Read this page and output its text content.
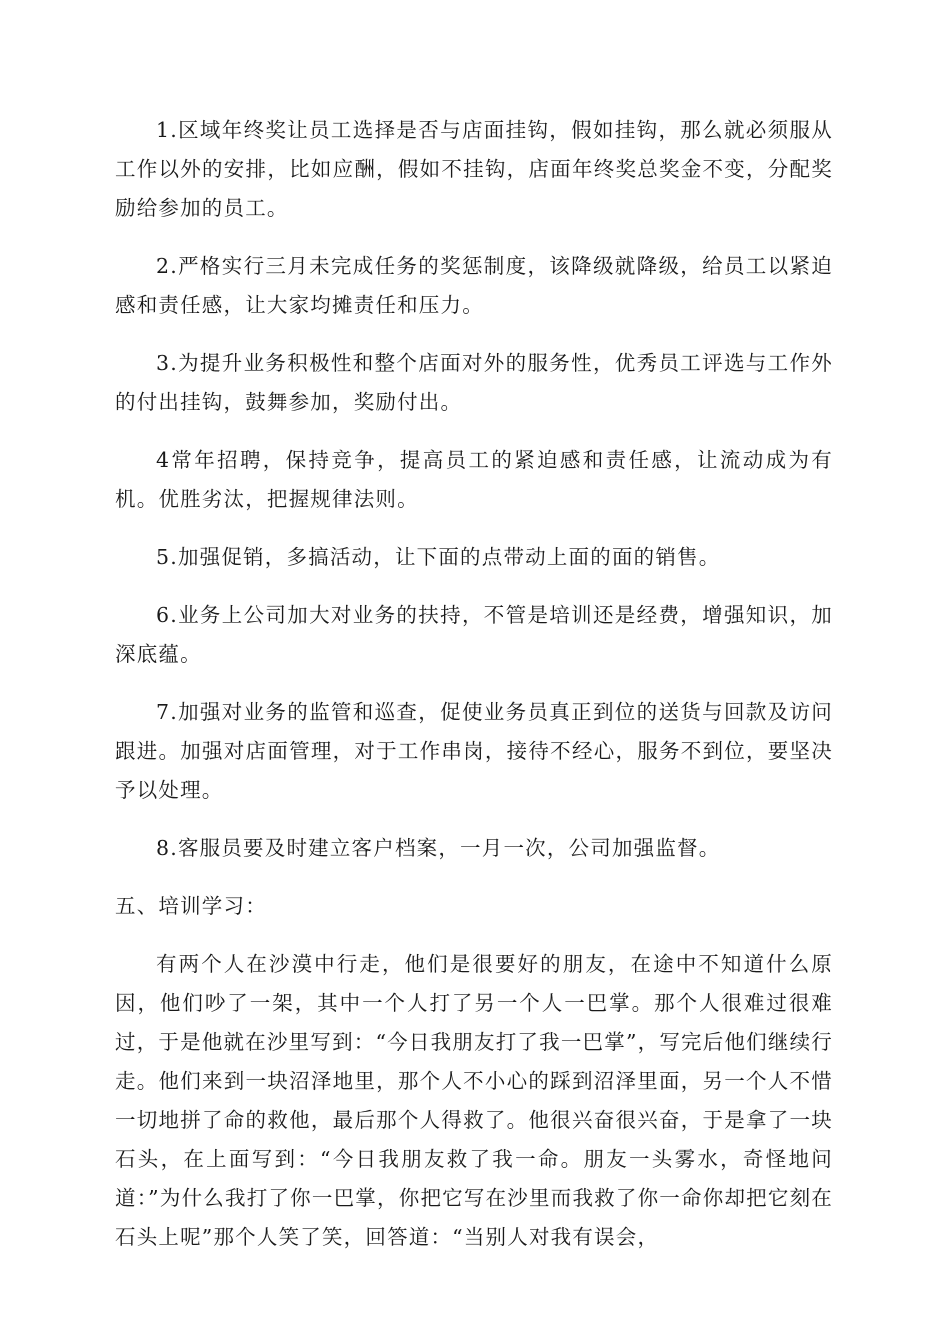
1.区域年终奖让员工选择是否与店面挂钩，假如挂钩，那么就必须服从工作以外的安排，比如应酬，假如不挂钩，店面年终奖总奖金不变，分配奖励给参加的员工。

2.严格实行三月未完成任务的奖惩制度，该降级就降级，给员工以紧迫感和责任感，让大家均摊责任和压力。

3.为提升业务积极性和整个店面对外的服务性，优秀员工评选与工作外的付出挂钩，鼓舞参加，奖励付出。

4常年招聘，保持竞争，提高员工的紧迫感和责任感，让流动成为有机。优胜劣汰，把握规律法则。

5.加强促销，多搞活动，让下面的点带动上面的面的销售。

6.业务上公司加大对业务的扶持，不管是培训还是经费，增强知识，加深底蕴。

7.加强对业务的监管和巡查，促使业务员真正到位的送货与回款及访问跟进。加强对店面管理，对于工作串岗，接待不经心，服务不到位，要坚决予以处理。

8.客服员要及时建立客户档案，一月一次，公司加强监督。

五、培训学习：

有两个人在沙漠中行走，他们是很要好的朋友，在途中不知道什么原因，他们吵了一架，其中一个人打了另一个人一巴掌。那个人很难过很难过，于是他就在沙里写到：“今日我朋友打了我一巴掌”，写完后他们继续行走。他们来到一块沼泽地里，那个人不小心的踩到沼泽里面，另一个人不惜一切地拼了命的救他，最后那个人得救了。他很兴奋很兴奋，于是拿了一块石头，在上面写到：“今日我朋友救了我一命。朋友一头雾水，奇怪地问道：”为什么我打了你一巴掌，你把它写在沙里而我救了你一命你却把它刻在石头上呢”那个人笑了笑，回答道：“当别人对我有误会，
